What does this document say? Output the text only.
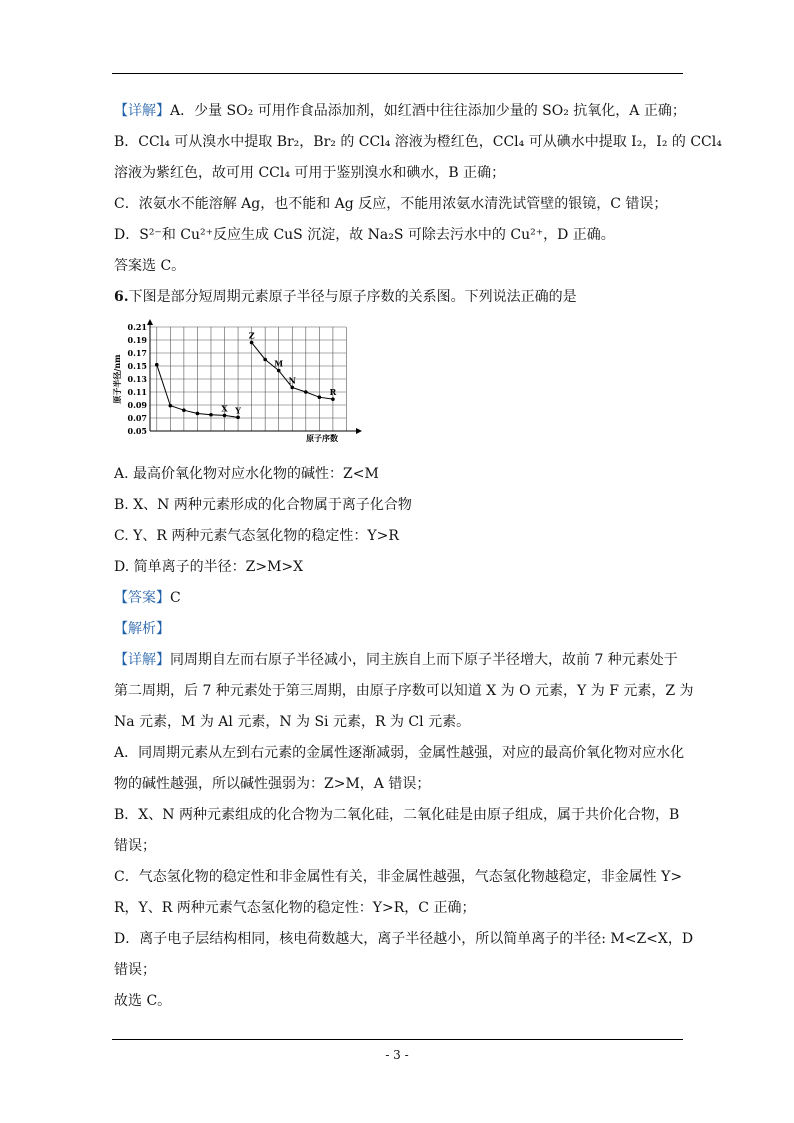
【详解】A．少量 SO₂ 可用作食品添加剂，如红酒中往往添加少量的 SO₂ 抗氧化，A 正确；
B．CCl₄ 可从溴水中提取 Br₂，Br₂ 的 CCl₄ 溶液为橙红色，CCl₄ 可从碘水中提取 I₂，I₂ 的 CCl₄
溶液为紫红色，故可用 CCl₄ 可用于鉴别溴水和碘水，B 正确；
C．浓氨水不能溶解 Ag，也不能和 Ag 反应，不能用浓氨水清洗试管壁的银镜，C 错误；
D．S²⁻和 Cu²⁺反应生成 CuS 沉淀，故 Na₂S 可除去污水中的 Cu²⁺，D 正确。
答案选 C。
6.下图是部分短周期元素原子半径与原子序数的关系图。下列说法正确的是
0.21
0.19
0.17
0.15
0.13
0.11
0.09
0.07
0.05
原子序数
原子半径/nm
X Y
Z
M
N
R
A. 最高价氧化物对应水化物的碱性：Z<M
B. X、N 两种元素形成的化合物属于离子化合物
C. Y、R 两种元素气态氢化物的稳定性：Y>R
D. 简单离子的半径：Z>M>X
【答案】C
【解析】
【详解】同周期自左而右原子半径减小，同主族自上而下原子半径增大，故前 7 种元素处于
第二周期，后 7 种元素处于第三周期，由原子序数可以知道 X 为 O 元素，Y 为 F 元素，Z 为
Na 元素，M 为 Al 元素，N 为 Si 元素，R 为 Cl 元素。
A．同周期元素从左到右元素的金属性逐渐减弱，金属性越强，对应的最高价氧化物对应水化
物的碱性越强，所以碱性强弱为：Z>M，A 错误；
B．X、N 两种元素组成的化合物为二氧化硅，二氧化硅是由原子组成，属于共价化合物，B
错误；
C．气态氢化物的稳定性和非金属性有关，非金属性越强，气态氢化物越稳定，非金属性 Y>
R，Y、R 两种元素气态氢化物的稳定性：Y>R，C 正确；
D．离子电子层结构相同，核电荷数越大，离子半径越小，所以简单离子的半径: M<Z<X，D
错误；
故选 C。
- 3 -
